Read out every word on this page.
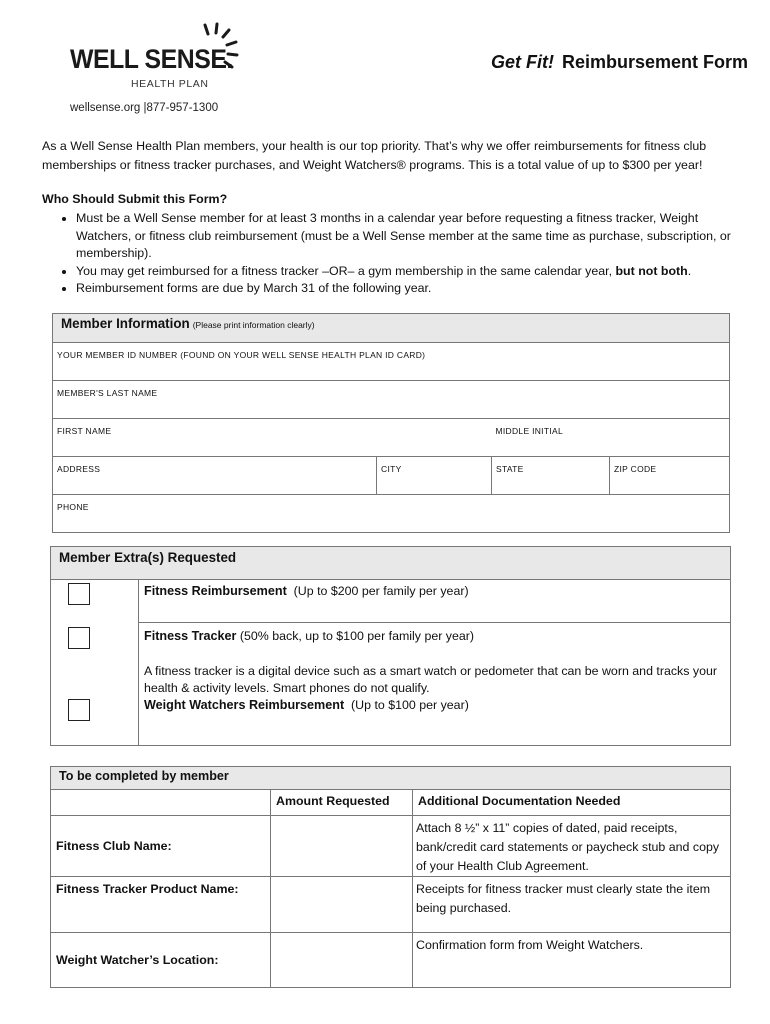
WELL SENSE.
HEALTH PLAN
wellsense.org |877-957-1300
Get Fit! Reimbursement Form
As a Well Sense Health Plan members, your health is our top priority. That’s why we offer reimbursements for fitness club memberships or fitness tracker purchases, and Weight Watchers® programs. This is a total value of up to $300 per year!
Who Should Submit this Form?
• Must be a Well Sense member for at least 3 months in a calendar year before requesting a fitness tracker, Weight Watchers, or fitness club reimbursement (must be a Well Sense member at the same time as purchase, subscription, or membership).
• You may get reimbursed for a fitness tracker –OR– a gym membership in the same calendar year, but not both.
• Reimbursement forms are due by March 31 of the following year.
Member Information (Please print information clearly)			

YOUR MEMBER ID NUMBER (FOUND ON YOUR WELL SENSE HEALTH PLAN ID CARD)			

MEMBER'S LAST NAME			

FIRST NAME		MIDDLE INITIAL	

ADDRESS	CITY	STATE	ZIP CODE

PHONE			
Member Extra(s) Requested	

	Fitness Reimbursement (Up to $200 per family per year)

	Fitness Tracker (50% back, up to $100 per family per year)
A fitness tracker is a digital device such as a smart watch or pedometer that can be worn and tracks your health & activity levels. Smart phones do not qualify.

	Weight Watchers Reimbursement (Up to $100 per year)
To be completed by member		

	Amount Requested	Additional Documentation Needed

Fitness Club Name:		Attach 8 ½” x 11” copies of dated, paid receipts, bank/credit card statements or paycheck stub and copy of your Health Club Agreement.

Fitness Tracker Product Name:		Receipts for fitness tracker must clearly state the item being purchased.

Weight Watcher’s Location:		Confirmation form from Weight Watchers.
